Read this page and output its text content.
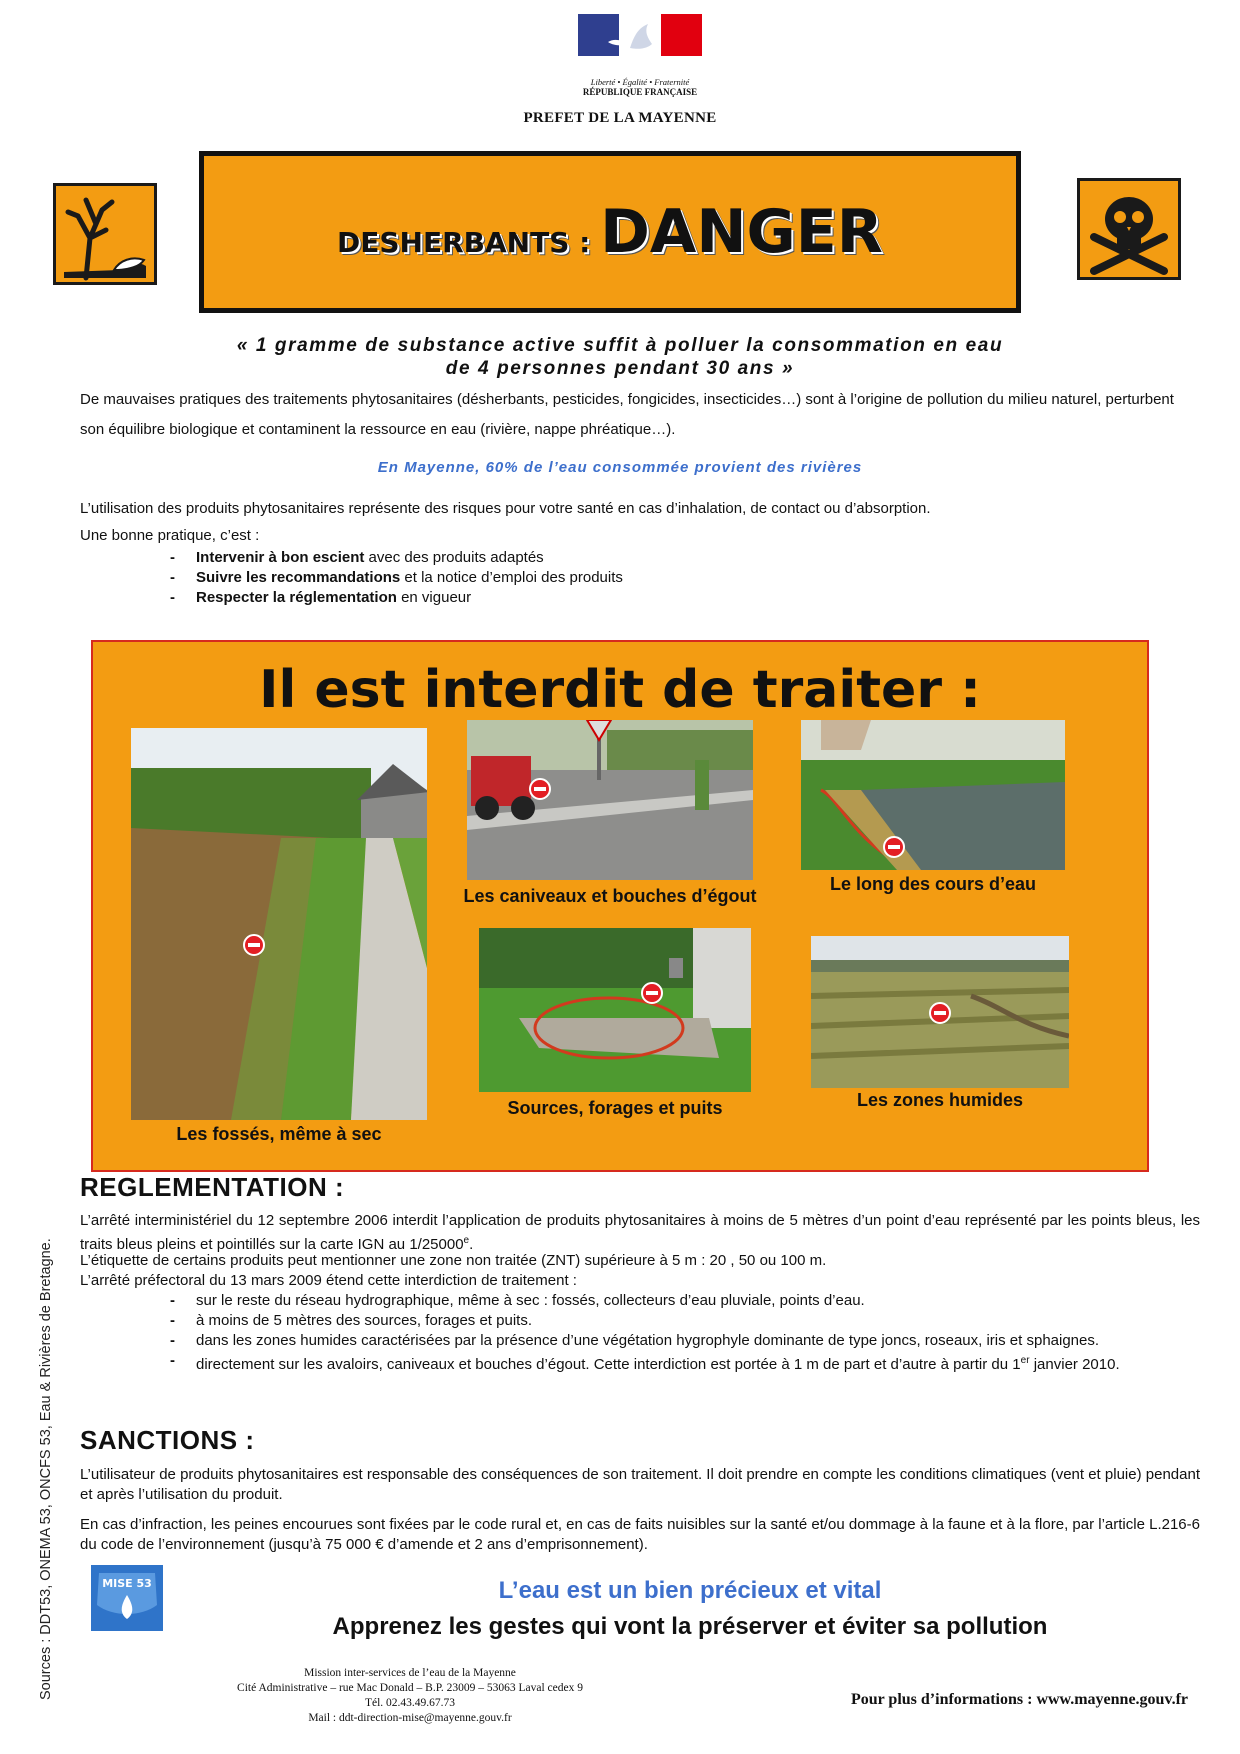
Liberté • Égalité • Fraternité
RÉPUBLIQUE FRANÇAISE
PREFET DE LA MAYENNE
DESHERBANTS : DANGER
« 1 gramme de substance active suffit à polluer la consommation en eau
de 4 personnes pendant 30 ans »
De mauvaises pratiques des traitements phytosanitaires (désherbants, pesticides, fongicides, insecticides…) sont à l’origine de pollution du milieu naturel, perturbent son équilibre biologique et contaminent la ressource en eau (rivière, nappe phréatique…).
En Mayenne, 60% de l’eau consommée provient des rivières
L’utilisation des produits phytosanitaires représente des risques pour votre santé en cas d’inhalation, de contact ou d’absorption.
Une bonne pratique, c’est :
- Intervenir à bon escient avec des produits adaptés
- Suivre les recommandations et la notice d’emploi des produits
- Respecter la réglementation en vigueur
Il est interdit de traiter :
Les fossés, même à sec
Les caniveaux et bouches d’égout
Le long des cours d’eau
Sources, forages et puits	Les zones humides
REGLEMENTATION :
L’arrêté interministériel du 12 septembre 2006 interdit l’application de produits phytosanitaires à moins de 5 mètres d’un point d’eau représenté par les points bleus, les traits bleus pleins et pointillés sur la carte IGN au 1/25000e.
L’étiquette de certains produits peut mentionner une zone non traitée (ZNT) supérieure à 5 m : 20 , 50 ou 100 m.
L’arrêté préfectoral du 13 mars 2009 étend cette interdiction de traitement :
- sur le reste du réseau hydrographique, même à sec : fossés, collecteurs d’eau pluviale, points d’eau.
- à moins de 5 mètres des sources, forages et puits.
- dans les zones humides caractérisées par la présence d’une végétation hygrophyle dominante de type joncs, roseaux, iris et sphaignes.
- directement sur les avaloirs, caniveaux et bouches d’égout. Cette interdiction est portée à 1 m de part et d’autre à partir du 1er janvier 2010.
SANCTIONS :
L’utilisateur de produits phytosanitaires est responsable des conséquences de son traitement. Il doit prendre en compte les conditions climatiques (vent et pluie) pendant et après l’utilisation du produit.
En cas d’infraction, les peines encourues sont fixées par le code rural et, en cas de faits nuisibles sur la santé et/ou dommage à la faune et à la flore, par l’article L.216-6 du code de l’environnement (jusqu’à 75 000 € d’amende et 2 ans d’emprisonnement).
MISE 53	L’eau est un bien précieux et vital
Apprenez les gestes qui vont la préserver et éviter sa pollution
Mission inter-services de l’eau de la Mayenne
Cité Administrative – rue Mac Donald – B.P. 23009 – 53063 Laval cedex 9
Tél. 02.43.49.67.73
Mail : ddt-direction-mise@mayenne.gouv.fr
Pour plus d’informations : www.mayenne.gouv.fr
Sources : DDT53, ONEMA 53, ONCFS 53, Eau & Rivières de Bretagne.
